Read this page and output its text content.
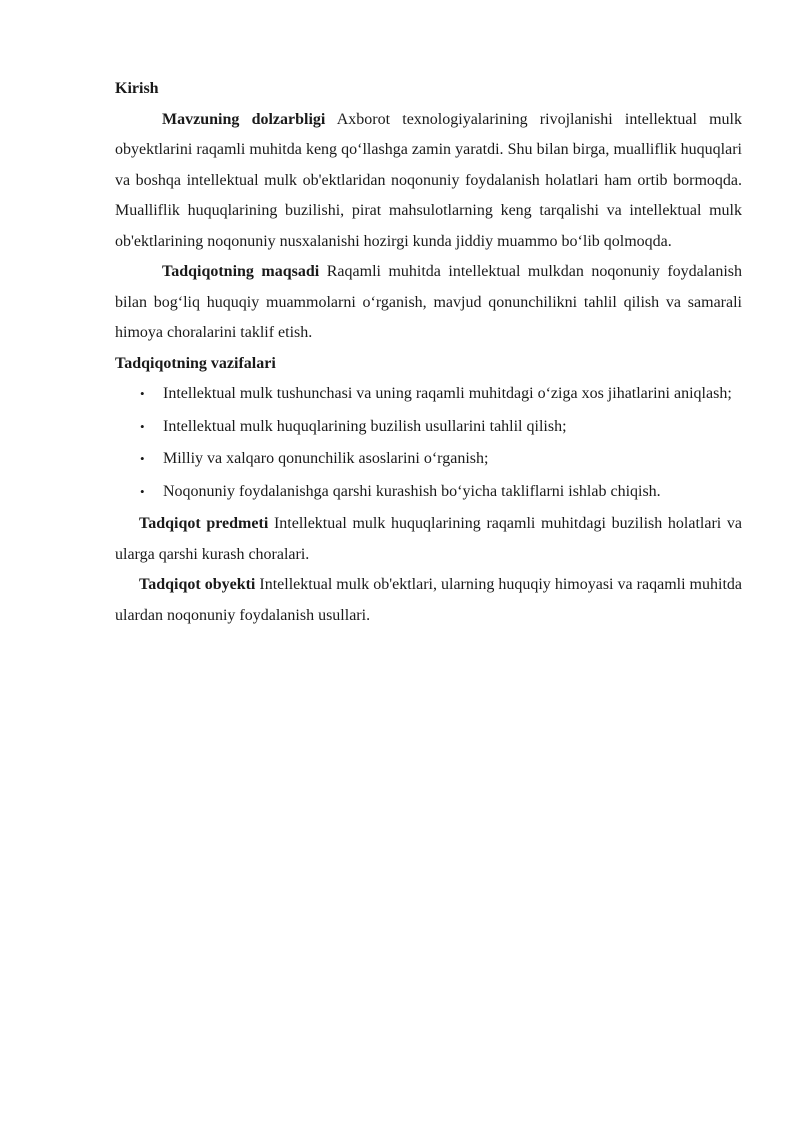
Kirish

Mavzuning dolzarbligi Axborot texnologiyalarining rivojlanishi intellektual mulk obyektlarini raqamli muhitda keng qo‘llashga zamin yaratdi. Shu bilan birga, mualliflik huquqlari va boshqa intellektual mulk ob'ektlaridan noqonuniy foydalanish holatlari ham ortib bormoqda. Mualliflik huquqlarining buzilishi, pirat mahsulotlarning keng tarqalishi va intellektual mulk ob'ektlarining noqonuniy nusxalanishi hozirgi kunda jiddiy muammo bo‘lib qolmoqda.

Tadqiqotning maqsadi Raqamli muhitda intellektual mulkdan noqonuniy foydalanish bilan bog‘liq huquqiy muammolarni o‘rganish, mavjud qonunchilikni tahlil qilish va samarali himoya choralarini taklif etish.

Tadqiqotning vazifalari

• Intellektual mulk tushunchasi va uning raqamli muhitdagi o‘ziga xos jihatlarini aniqlash;
• Intellektual mulk huquqlarining buzilish usullarini tahlil qilish;
• Milliy va xalqaro qonunchilik asoslarini o‘rganish;
• Noqonuniy foydalanishga qarshi kurashish bo‘yicha takliflarni ishlab chiqish.

Tadqiqot predmeti Intellektual mulk huquqlarining raqamli muhitdagi buzilish holatlari va ularga qarshi kurash choralari.

Tadqiqot obyekti Intellektual mulk ob'ektlari, ularning huquqiy himoyasi va raqamli muhitda ulardan noqonuniy foydalanish usullari.
